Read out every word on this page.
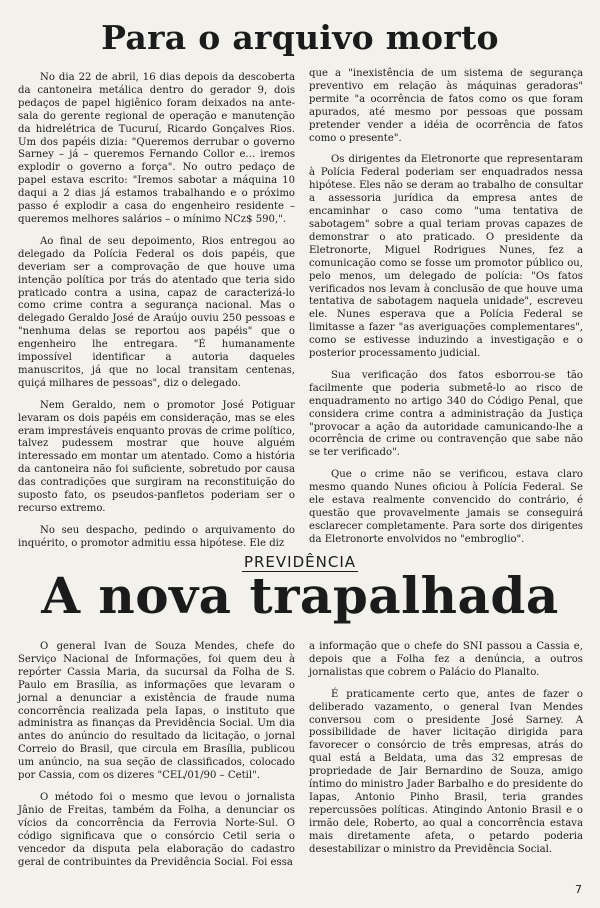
Para o arquivo morto

No dia 22 de abril, 16 dias depois da descoberta da cantoneira metálica dentro do gerador 9, dois pedaços de papel higiênico foram deixados na ante-sala do gerente regional de operação e manutenção da hidrelétrica de Tucuruí, Ricardo Gonçalves Rios. Um dos papéis dizia: "Queremos derrubar o governo Sarney – já – queremos Fernando Collor e... iremos explodir o governo a força". No outro pedaço de papel estava escrito: "Iremos sabotar a máquina 10 daqui a 2 dias já estamos trabalhando e o próximo passo é explodir a casa do engenheiro residente – queremos melhores salários – o mínimo NCz$ 590,".

Ao final de seu depoimento, Rios entregou ao delegado da Polícia Federal os dois papéis, que deveriam ser a comprovação de que houve uma intenção política por trás do atentado que teria sido praticado contra a usina, capaz de caracterizá-lo como crime contra a segurança nacional. Mas o delegado Geraldo José de Araújo ouviu 250 pessoas e "nenhuma delas se reportou aos papéis" que o engenheiro lhe entregara. "É humanamente impossível identificar a autoria daqueles manuscritos, já que no local transitam centenas, quiçá milhares de pessoas", diz o delegado.

Nem Geraldo, nem o promotor José Potiguar levaram os dois papéis em consideração, mas se eles eram imprestáveis enquanto provas de crime político, talvez pudessem mostrar que houve alguém interessado em montar um atentado. Como a história da cantoneira não foi suficiente, sobretudo por causa das contradições que surgiram na reconstituição do suposto fato, os pseudos-panfletos poderiam ser o recurso extremo.

No seu despacho, pedindo o arquivamento do inquérito, o promotor admitiu essa hipótese. Ele diz

que a "inexistência de um sistema de segurança preventivo em relação às máquinas geradoras" permite "a ocorrência de fatos como os que foram apurados, até mesmo por pessoas que possam pretender vender a idéia de ocorrência de fatos como o presente".

Os dirigentes da Eletronorte que representaram à Polícia Federal poderiam ser enquadrados nessa hipótese. Eles não se deram ao trabalho de consultar a assessoria jurídica da empresa antes de encaminhar o caso como "uma tentativa de sabotagem" sobre a qual teriam provas capazes de demonstrar o ato praticado. O presidente da Eletronorte, Miguel Rodrigues Nunes, fez a comunicação como se fosse um promotor público ou, pelo menos, um delegado de polícia: "Os fatos verificados nos levam à conclusão de que houve uma tentativa de sabotagem naquela unidade", escreveu ele. Nunes esperava que a Polícia Federal se limitasse a fazer "as averiguações complementares", como se estivesse induzindo a investigação e o posterior processamento judicial.

Sua verificação dos fatos esborrou-se tão facilmente que poderia submetê-lo ao risco de enquadramento no artigo 340 do Código Penal, que considera crime contra a administração da Justiça "provocar a ação da autoridade camunicando-lhe a ocorrência de crime ou contravenção que sabe não se ter verificado".

Que o crime não se verificou, estava claro mesmo quando Nunes oficiou à Polícia Federal. Se ele estava realmente convencido do contrário, é questão que provavelmente jamais se conseguirá esclarecer completamente. Para sorte dos dirigentes da Eletronorte envolvidos no "embroglio".

PREVIDÊNCIA
A nova trapalhada

O general Ivan de Souza Mendes, chefe do Serviço Nacional de Informações, foi quem deu à repórter Cassia Maria, da sucursal da Folha de S. Paulo em Brasília, as informações que levaram o jornal a denunciar a existência de fraude numa concorrência realizada pela Iapas, o instituto que administra as finanças da Previdência Social. Um dia antes do anúncio do resultado da licitação, o jornal Correio do Brasil, que circula em Brasília, publicou um anúncio, na sua seção de classificados, colocado por Cassia, com os dizeres "CEL/01/90 – Cetil".

O método foi o mesmo que levou o jornalista Jânio de Freitas, também da Folha, a denunciar os vícios da concorrência da Ferrovia Norte-Sul. O código significava que o consórcio Cetil seria o vencedor da disputa pela elaboração do cadastro geral de contribuintes da Previdência Social. Foi essa

a informação que o chefe do SNI passou a Cassia e, depois que a Folha fez a denúncia, a outros jornalistas que cobrem o Palácio do Planalto.

É praticamente certo que, antes de fazer o deliberado vazamento, o general Ivan Mendes conversou com o presidente José Sarney. A possibilidade de haver licitação dirigida para favorecer o consórcio de três empresas, atrás do qual está a Beldata, uma das 32 empresas de propriedade de Jair Bernardino de Souza, amigo íntimo do ministro Jader Barbalho e do presidente do Iapas, Antonio Pinho Brasil, teria grandes repercussões políticas. Atingindo Antonio Brasil e o irmão dele, Roberto, ao qual a concorrência estava mais diretamente afeta, o petardo poderia desestabilizar o ministro da Previdência Social.

7
